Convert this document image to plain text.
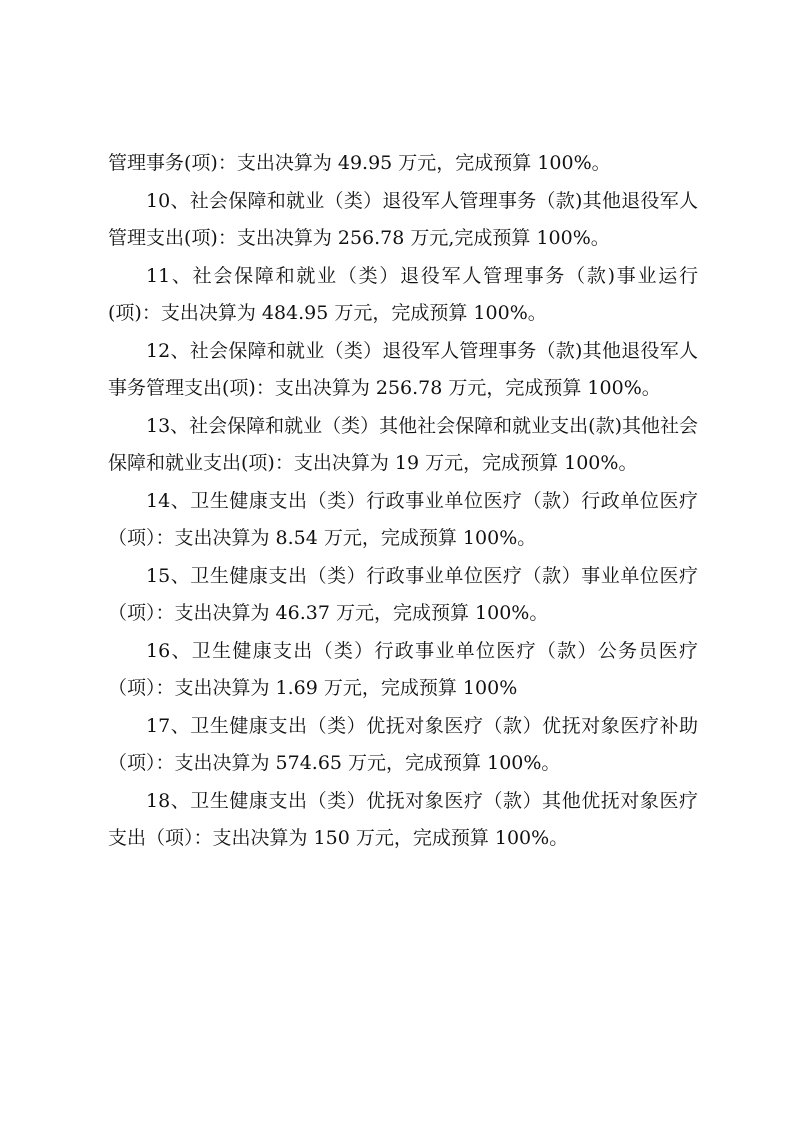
管理事务(项)：支出决算为 49.95 万元，完成预算 100%。

10、社会保障和就业（类）退役军人管理事务（款)其他退役军人管理支出(项)：支出决算为 256.78 万元,完成预算 100%。

11、社会保障和就业（类）退役军人管理事务（款)事业运行(项)：支出决算为 484.95 万元，完成预算 100%。

12、社会保障和就业（类）退役军人管理事务（款)其他退役军人事务管理支出(项)：支出决算为 256.78 万元，完成预算 100%。

13、社会保障和就业（类）其他社会保障和就业支出(款)其他社会保障和就业支出(项)：支出决算为 19 万元，完成预算 100%。

14、卫生健康支出（类）行政事业单位医疗（款）行政单位医疗（项）：支出决算为 8.54 万元，完成预算 100%。

15、卫生健康支出（类）行政事业单位医疗（款）事业单位医疗（项）：支出决算为 46.37 万元，完成预算 100%。

16、卫生健康支出（类）行政事业单位医疗（款）公务员医疗（项）：支出决算为 1.69 万元，完成预算 100%

17、卫生健康支出（类）优抚对象医疗（款）优抚对象医疗补助（项）：支出决算为 574.65 万元，完成预算 100%。

18、卫生健康支出（类）优抚对象医疗（款）其他优抚对象医疗支出（项）：支出决算为 150 万元，完成预算 100%。
